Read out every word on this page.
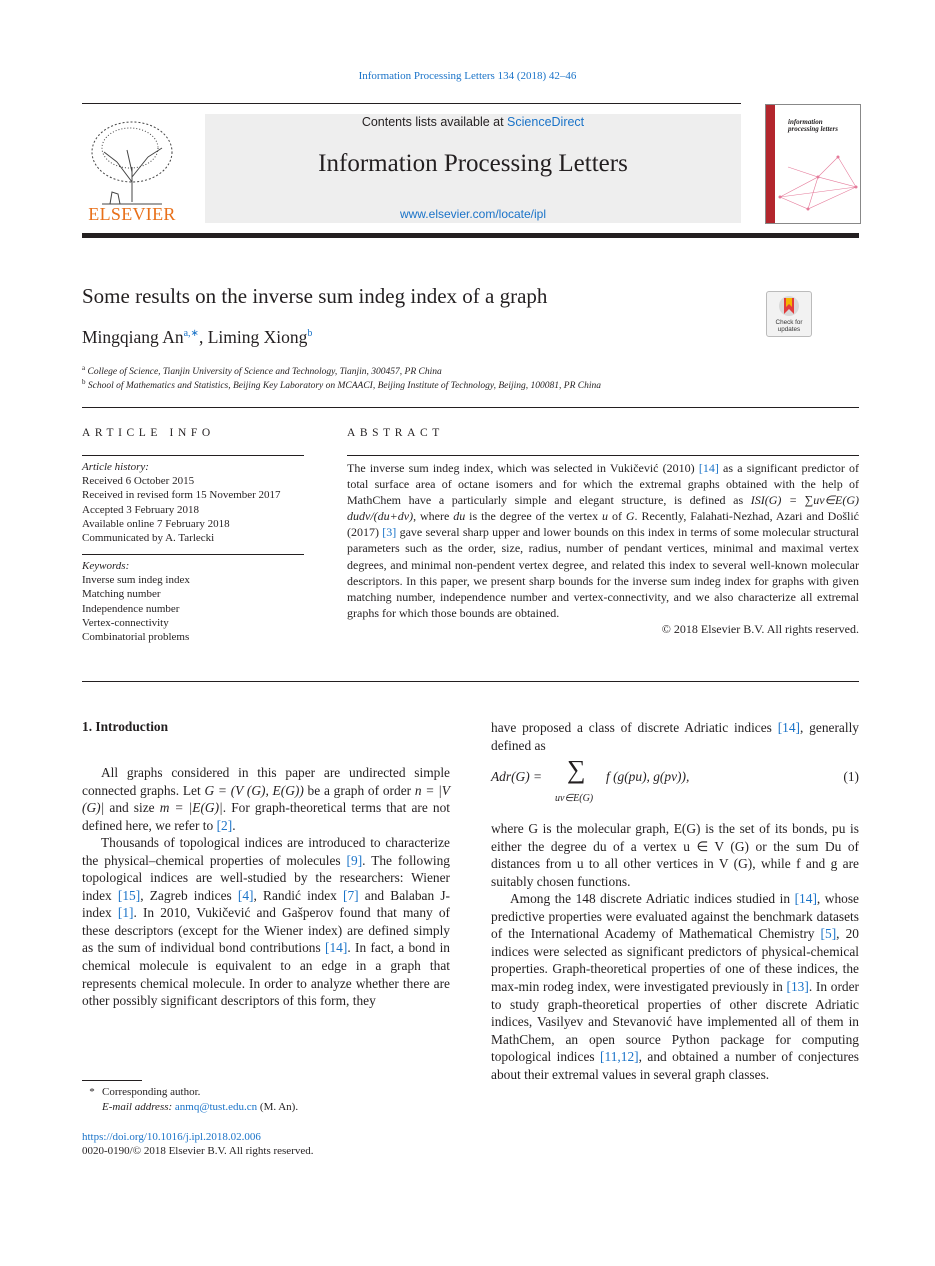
Information Processing Letters 134 (2018) 42–46
ELSEVIER
Contents lists available at ScienceDirect
Information Processing Letters
www.elsevier.com/locate/ipl
information processing letters
Some results on the inverse sum indeg index of a graph
Mingqiang $An^{a,∗}$, Liming Xiong$^b$
Check for updates
$^a$ College of Science, Tianjin University of Science and Technology, Tianjin, 300457, PR China
$^b$ School of Mathematics and Statistics, Beijing Key Laboratory on MCAACI, Beijing Institute of Technology, Beijing, 100081, PR China
ARTICLE INFO
Article history:
Received 6 October 2015
Received in revised form 15 November 2017
Accepted 3 February 2018
Available online 7 February 2018
Communicated by A. Tarlecki
Keywords:
Inverse sum indeg index
Matching number
Independence number
Vertex-connectivity
Combinatorial problems
ABSTRACT
The inverse sum indeg index, which was selected in Vukičević (2010) [14] as a significant predictor of total surface area of octane isomers and for which the extremal graphs obtained with the help of MathChem have a particularly simple and elegant structure, is defined as ISI(G) = ∑uv∈E(G) dudv/(du+dv), where du is the degree of the vertex u of G. Recently, Falahati-Nezhad, Azari and Došlić (2017) [3] gave several sharp upper and lower bounds on this index in terms of some molecular structural parameters such as the order, size, radius, number of pendant vertices, minimal and maximal vertex degrees, and minimal non-pendent vertex degree, and related this index to several well-known molecular descriptors. In this paper, we present sharp bounds for the inverse sum indeg index for graphs with given matching number, independence number and vertex-connectivity, and we also characterize all extremal graphs for which those bounds are obtained.
© 2018 Elsevier B.V. All rights reserved.
1. Introduction

All graphs considered in this paper are undirected simple connected graphs. Let G = (V (G), E(G)) be a graph of order n = |V (G)| and size m = |E(G)|. For graph-theoretical terms that are not defined here, we refer to [2].

Thousands of topological indices are introduced to characterize the physical–chemical properties of molecules [9]. The following topological indices are well-studied by the researchers: Wiener index [15], Zagreb indices [4], Randić index [7] and Balaban J-index [1]. In 2010, Vukičević and Gašperov found that many of these descriptors (except for the Wiener index) are defined simply as the sum of individual bond contributions [14]. In fact, a bond in chemical molecule is equivalent to an edge in a graph that represents chemical molecule. In order to analyze whether there are other possibly significant descriptors of this form, they

have proposed a class of discrete Adriatic indices [14], generally defined as

Adr(G) = ∑
uv∈E(G)
f (g(pu), g(pv)),	(1)

where G is the molecular graph, E(G) is the set of its bonds, pu is either the degree du of a vertex u ∈ V (G) or the sum Du of distances from u to all other vertices in V (G), while f and g are suitably chosen functions.

Among the 148 discrete Adriatic indices studied in [14], whose predictive properties were evaluated against the benchmark datasets of the International Academy of Mathematical Chemistry [5], 20 indices were selected as significant predictors of physical-chemical properties. Graph-theoretical properties of one of these indices, the max-min rodeg index, were investigated previously in [13]. In order to study graph-theoretical properties of other discrete Adriatic indices, Vasilyev and Stevanović have implemented all of them in MathChem, an open source Python package for computing topological indices [11,12], and obtained a number of conjectures about their extremal values in several graph classes.

* Corresponding author.
E-mail address: anmq@tust.edu.cn (M. An).
https://doi.org/10.1016/j.ipl.2018.02.006
0020-0190/© 2018 Elsevier B.V. All rights reserved.
